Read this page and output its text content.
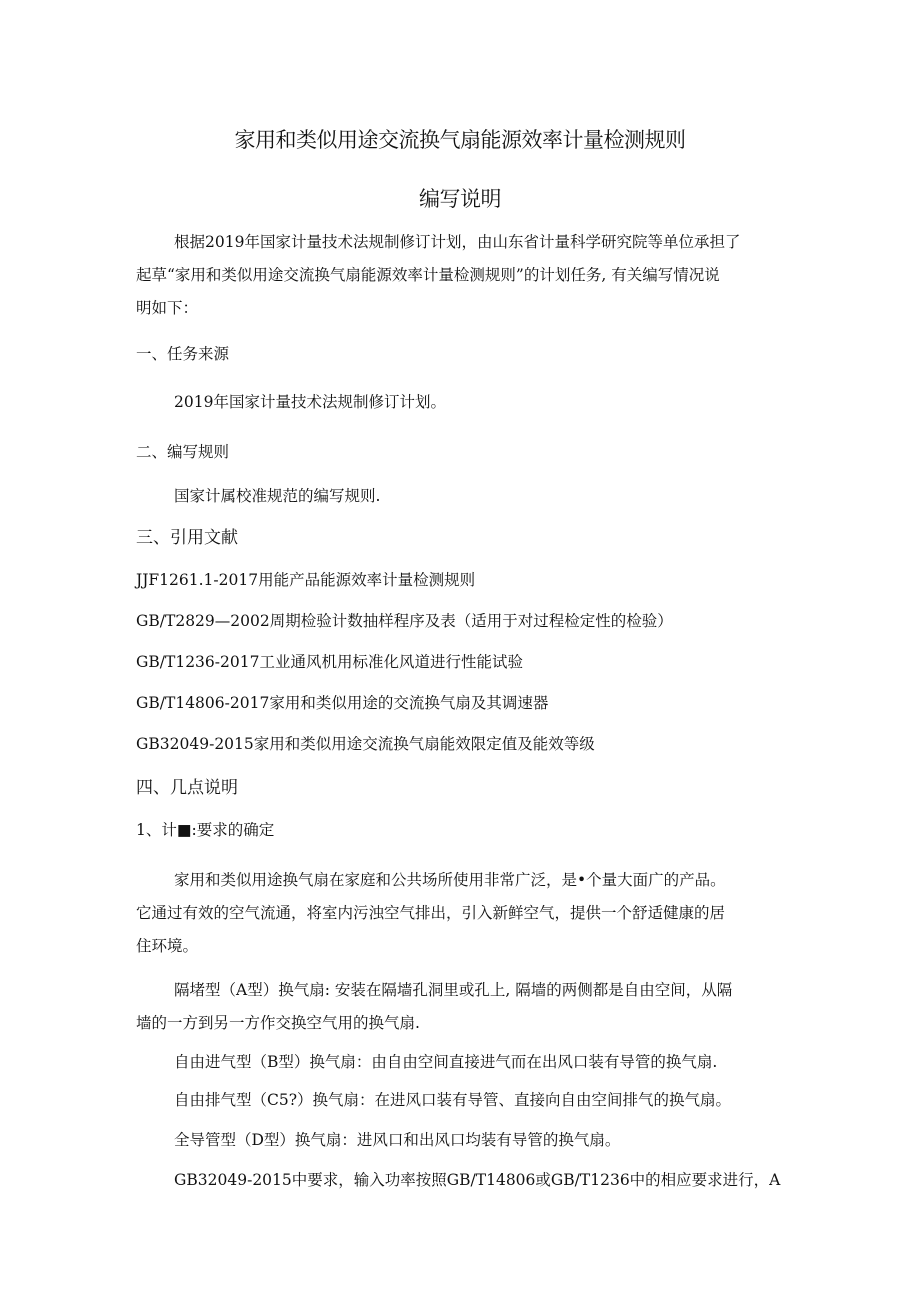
家用和类似用途交流换气扇能源效率计量检测规则
编写说明
根据2019年国家计量技术法规制修订计划，由山东省计量科学研究院等单位承担了
起草“家用和类似用途交流换气扇能源效率计量检测规则”的计划任务, 有关编写情况说
明如下：
一、任务来源
2019年国家计量技术法规制修订计划。
二、编写规则
国家计属校准规范的编写规则.
三、引用文献
JJF1261.1-2017用能产品能源效率计量检测规则
GB/T2829—2002周期检验计数抽样程序及表（适用于对过程检定性的检验）
GB/T1236-2017工业通风机用标准化风道进行性能试验
GB/T14806-2017家用和类似用途的交流换气扇及其调速器
GB32049-2015家用和类似用途交流换气扇能效限定值及能效等级
四、几点说明
1、计■:要求的确定
家用和类似用途换气扇在家庭和公共场所使用非常广泛，是•个量大面广的产品。
它通过有效的空气流通，将室内污浊空气排出，引入新鲜空气，提供一个舒适健康的居
住环境。
隔堵型（A型）换气扇: 安装在隔墙孔洞里或孔上, 隔墙的两侧都是自由空间，从隔
墙的一方到另一方作交换空气用的换气扇.
自由进气型（B型）换气扇：由自由空间直接进气而在出风口装有导管的换气扇.
自由排气型（C5?）换气扇：在进风口装有导管、直接向自由空间排气的换气扇。
全导管型（D型）换气扇：进风口和出风口均装有导管的换气扇。
GB32049-2015中要求，输入功率按照GB/T14806或GB/T1236中的相应要求进行，A
